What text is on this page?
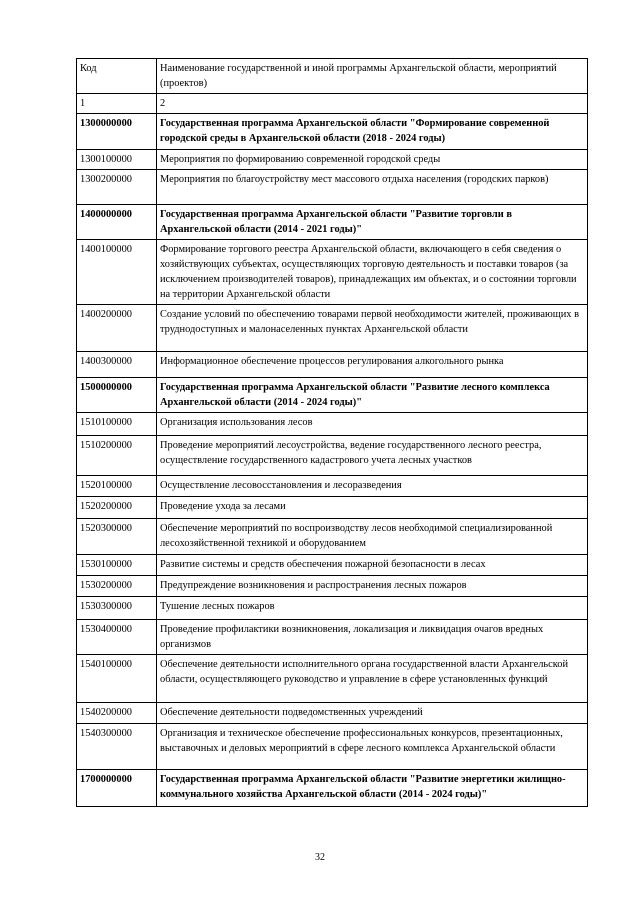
Код	Наименование государственной и иной программы Архангельской области, мероприятий (проектов)
1	2
1300000000	Государственная программа Архангельской области "Формирование современной городской среды в Архангельской области (2018 - 2024 годы)
1300100000	Мероприятия по формированию современной городской среды
1300200000	Мероприятия по благоустройству мест массового отдыха населения (городских парков)
1400000000	Государственная программа Архангельской области "Развитие торговли в Архангельской области (2014 - 2021 годы)"
1400100000	Формирование торгового реестра Архангельской области, включающего в себя сведения о хозяйствующих субъектах, осуществляющих торговую деятельность и поставки товаров (за исключением производителей товаров), принадлежащих им объектах, и о состоянии торговли на территории Архангельской области
1400200000	Создание условий по обеспечению товарами первой необходимости жителей, проживающих в труднодоступных и малонаселенных пунктах Архангельской области
1400300000	Информационное обеспечение процессов регулирования алкогольного рынка
1500000000	Государственная программа Архангельской области "Развитие лесного комплекса Архангельской области (2014 - 2024 годы)"
1510100000	Организация использования лесов
1510200000	Проведение мероприятий лесоустройства, ведение государственного лесного реестра, осуществление государственного кадастрового учета лесных участков
1520100000	Осуществление лесовосстановления и лесоразведения
1520200000	Проведение ухода за лесами
1520300000	Обеспечение мероприятий по воспроизводству лесов необходимой специализированной лесохозяйственной техникой и оборудованием
1530100000	Развитие системы и средств обеспечения пожарной безопасности в лесах
1530200000	Предупреждение возникновения и распространения лесных пожаров
1530300000	Тушение лесных пожаров
1530400000	Проведение профилактики возникновения, локализация и ликвидация очагов вредных организмов
1540100000	Обеспечение деятельности исполнительного органа государственной власти Архангельской области, осуществляющего руководство и управление в сфере установленных функций
1540200000	Обеспечение деятельности подведомственных учреждений
1540300000	Организация и техническое обеспечение профессиональных конкурсов, презентационных, выставочных и деловых мероприятий в сфере лесного комплекса Архангельской области
1700000000	Государственная программа Архангельской области "Развитие энергетики жилищно-коммунального хозяйства Архангельской области (2014 - 2024 годы)"
32
